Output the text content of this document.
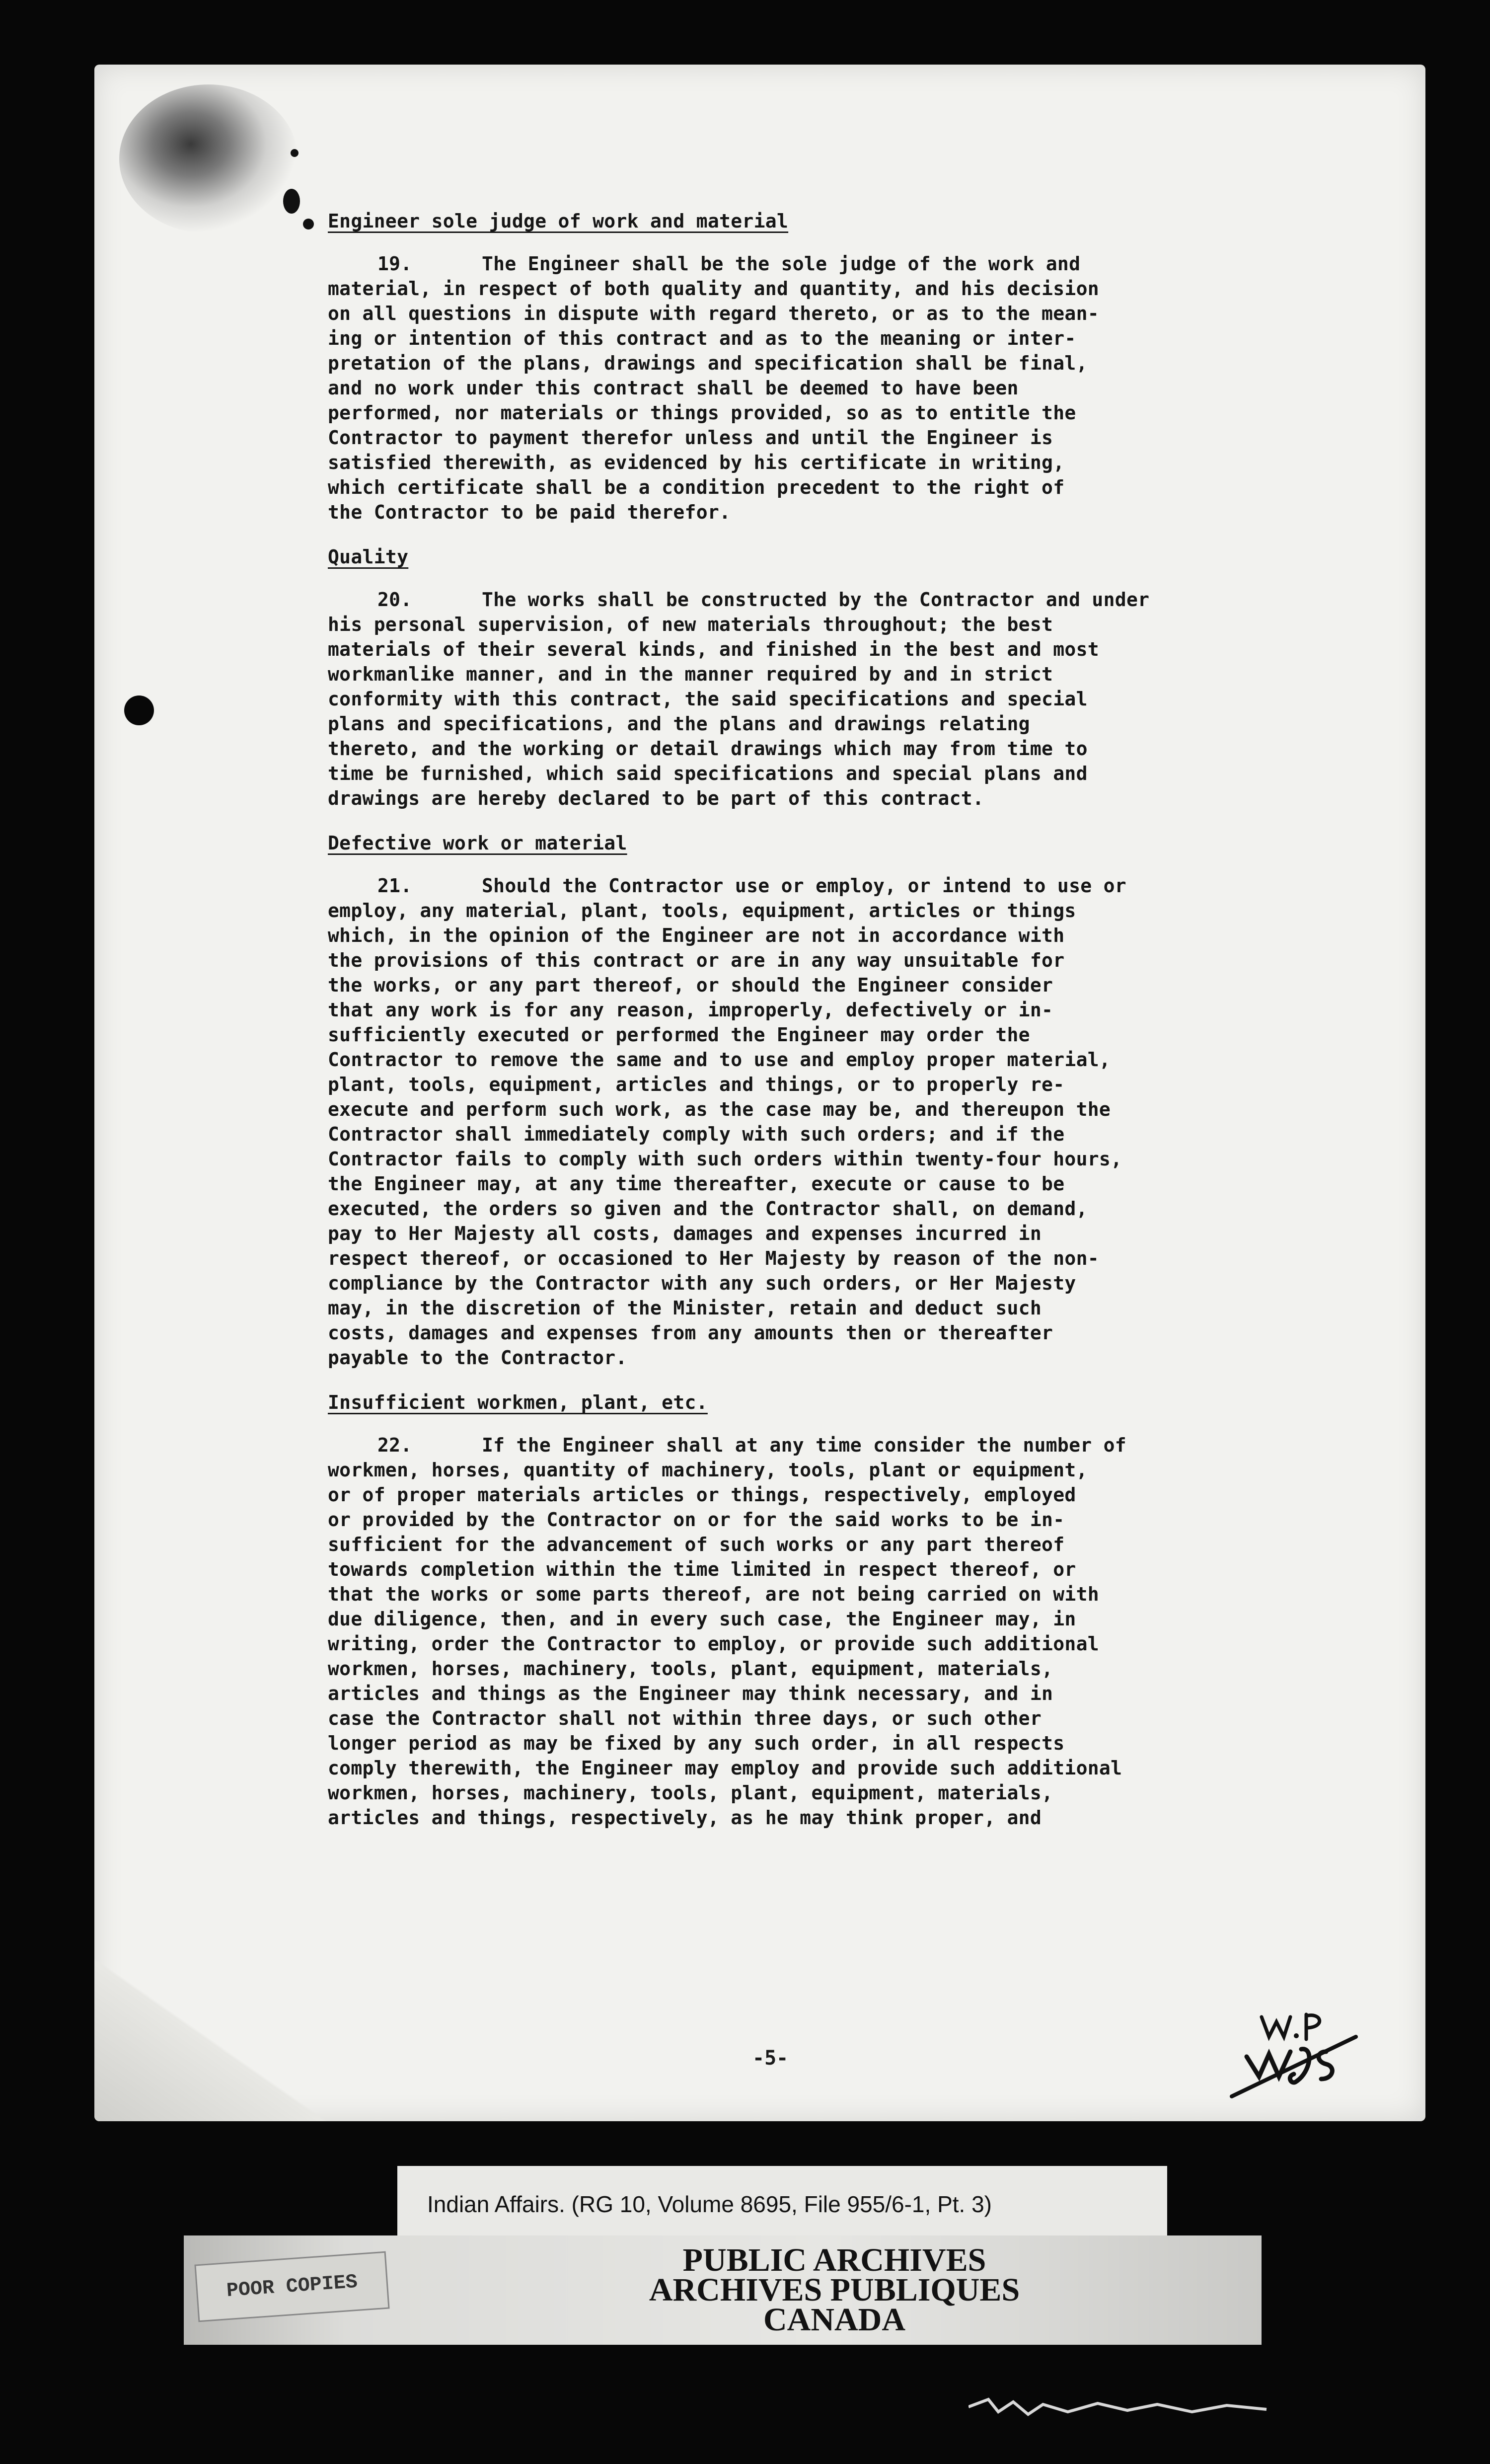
-5-
Engineer sole judge of work and material
19.	The Engineer shall be the sole judge of the work and
material, in respect of both quality and quantity, and his decision
on all questions in dispute with regard thereto, or as to the mean-
ing or intention of this contract and as to the meaning or inter-
pretation of the plans, drawings and specification shall be final,
and no work under this contract shall be deemed to have been
performed, nor materials or things provided, so as to entitle the
Contractor to payment therefor unless and until the Engineer is
satisfied therewith, as evidenced by his certificate in writing,
which certificate shall be a condition precedent to the right of
the Contractor to be paid therefor.
Quality
20.	The works shall be constructed by the Contractor and under
his personal supervision, of new materials throughout; the best
materials of their several kinds, and finished in the best and most
workmanlike manner, and in the manner required by and in strict
conformity with this contract, the said specifications and special
plans and specifications, and the plans and drawings relating
thereto, and the working or detail drawings which may from time to
time be furnished, which said specifications and special plans and
drawings are hereby declared to be part of this contract.
Defective work or material
21.	Should the Contractor use or employ, or intend to use or
employ, any material, plant, tools, equipment, articles or things
which, in the opinion of the Engineer are not in accordance with
the provisions of this contract or are in any way unsuitable for
the works, or any part thereof, or should the Engineer consider
that any work is for any reason, improperly, defectively or in-
sufficiently executed or performed the Engineer may order the
Contractor to remove the same and to use and employ proper material,
plant, tools, equipment, articles and things, or to properly re-
execute and perform such work, as the case may be, and thereupon the
Contractor shall immediately comply with such orders; and if the
Contractor fails to comply with such orders within twenty-four hours,
the Engineer may, at any time thereafter, execute or cause to be
executed, the orders so given and the Contractor shall, on demand,
pay to Her Majesty all costs, damages and expenses incurred in
respect thereof, or occasioned to Her Majesty by reason of the non-
compliance by the Contractor with any such orders, or Her Majesty
may, in the discretion of the Minister, retain and deduct such
costs, damages and expenses from any amounts then or thereafter
payable to the Contractor.
Insufficient workmen, plant, etc.
22.	If the Engineer shall at any time consider the number of
workmen, horses, quantity of machinery, tools, plant or equipment,
or of proper materials articles or things, respectively, employed
or provided by the Contractor on or for the said works to be in-
sufficient for the advancement of such works or any part thereof
towards completion within the time limited in respect thereof, or
that the works or some parts thereof, are not being carried on with
due diligence, then, and in every such case, the Engineer may, in
writing, order the Contractor to employ, or provide such additional
workmen, horses, machinery, tools, plant, equipment, materials,
articles and things as the Engineer may think necessary, and in
case the Contractor shall not within three days, or such other
longer period as may be fixed by any such order, in all respects
comply therewith, the Engineer may employ and provide such additional
workmen, horses, machinery, tools, plant, equipment, materials,
articles and things, respectively, as he may think proper, and
Indian Affairs. (RG 10, Volume 8695, File 955/6-1, Pt. 3)
PUBLIC ARCHIVES
ARCHIVES PUBLIQUES
CANADA
POOR COPIES
